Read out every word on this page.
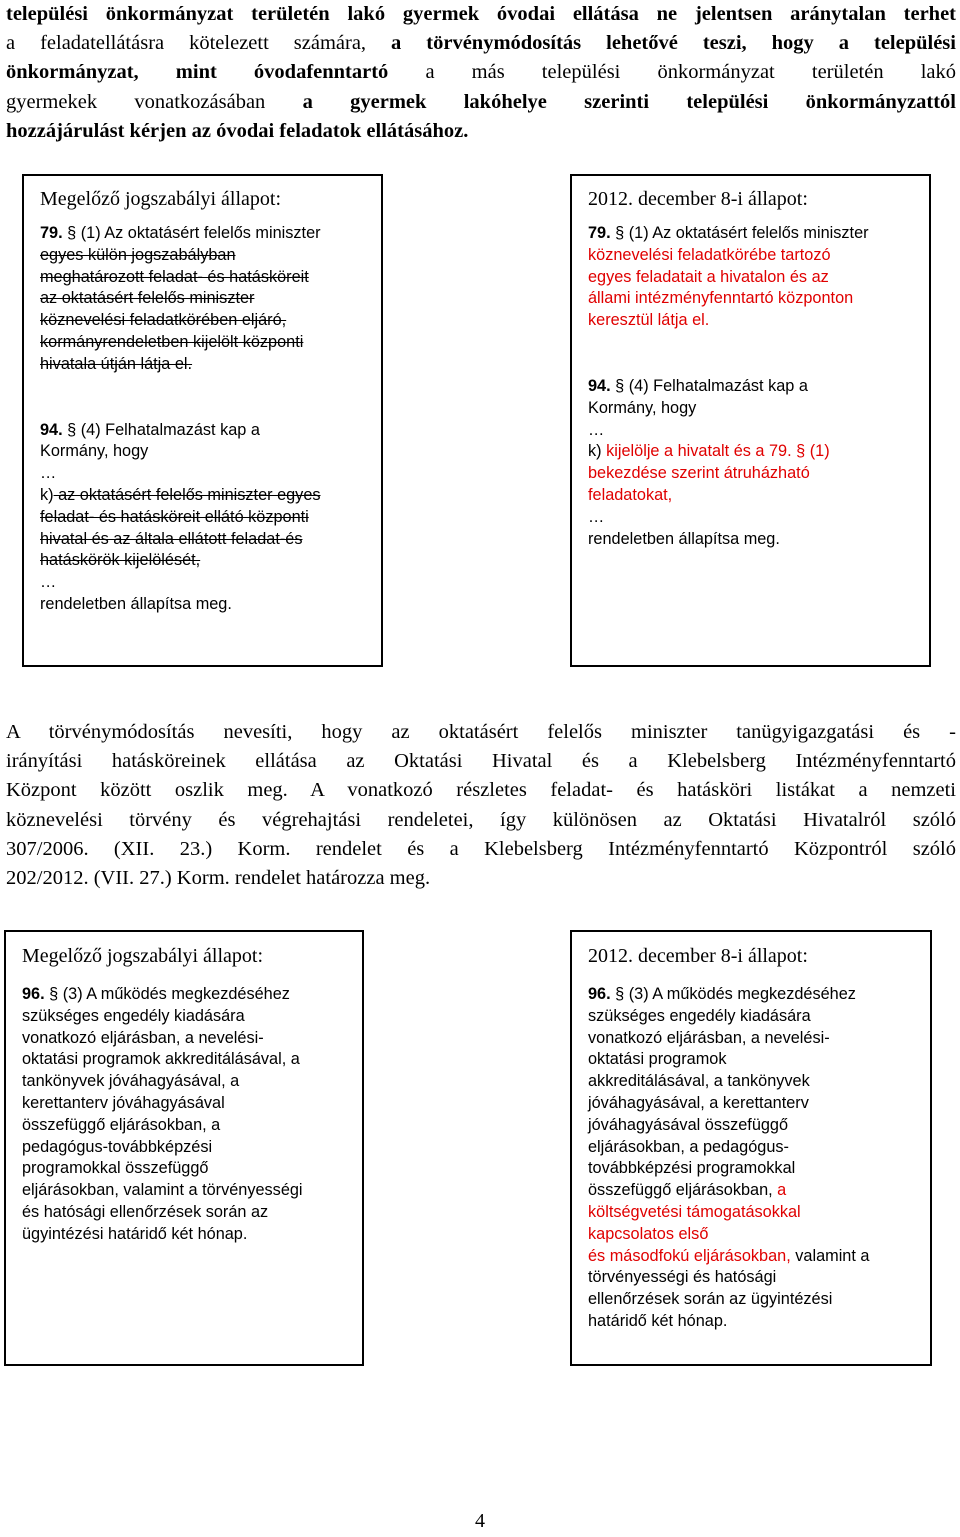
települési önkormányzat területén lakó gyermek óvodai ellátása ne jelentsen aránytalan terhet
a feladatellátásra kötelezett számára, a törvénymódosítás lehetővé teszi, hogy a települési
önkormányzat, mint óvodafenntartó a más települési önkormányzat területén lakó
gyermekek vonatkozásában a gyermek lakóhelye szerinti települési önkormányzattól
hozzájárulást kérjen az óvodai feladatok ellátásához.
Megelőző jogszabályi állapot:

79. § (1) Az oktatásért felelős miniszter

egyes külön jogszabályban

meghatározott feladat- és hatásköreit

az oktatásért felelős miniszter

köznevelési feladatkörében eljáró,

kormányrendeletben kijelölt központi

hivatala útján látja el.

94. § (4) Felhatalmazást kap a

Kormány, hogy

…

k) az oktatásért felelős miniszter egyes

feladat- és hatásköreit ellátó központi

hivatal és az általa ellátott feladat-és

hatáskörök kijelölését,

…

rendeletben állapítsa meg.

2012. december 8-i állapot:

79. § (1) Az oktatásért felelős miniszter

köznevelési feladatkörébe tartozó

egyes feladatait a hivatalon és az

állami intézményfenntartó központon

keresztül látja el.

94. § (4) Felhatalmazást kap a

Kormány, hogy

…

k) kijelölje a hivatalt és a 79. § (1)

bekezdése szerint átruházható

feladatokat,

…

rendeletben állapítsa meg.

A törvénymódosítás nevesíti, hogy az oktatásért felelős miniszter tanügyigazgatási és -
irányítási hatásköreinek ellátása az Oktatási Hivatal és a Klebelsberg Intézményfenntartó
Központ között oszlik meg. A vonatkozó részletes feladat- és hatásköri listákat a nemzeti
köznevelési törvény és végrehajtási rendeletei, így különösen az Oktatási Hivatalról szóló
307/2006. (XII. 23.) Korm. rendelet és a Klebelsberg Intézményfenntartó Központról szóló
202/2012. (VII. 27.) Korm. rendelet határozza meg.
Megelőző jogszabályi állapot:

96. § (3) A működés megkezdéséhez

szükséges engedély kiadására

vonatkozó eljárásban, a nevelési-

oktatási programok akkreditálásával, a

tankönyvek jóváhagyásával, a

kerettanterv jóváhagyásával

összefüggő eljárásokban, a

pedagógus-továbbképzési

programokkal összefüggő

eljárásokban, valamint a törvényességi

és hatósági ellenőrzések során az

ügyintézési határidő két hónap.

2012. december 8-i állapot:

96. § (3) A működés megkezdéséhez

szükséges engedély kiadására

vonatkozó eljárásban, a nevelési-

oktatási programok

akkreditálásával, a tankönyvek

jóváhagyásával, a kerettanterv

jóváhagyásával összefüggő

eljárásokban, a pedagógus-

továbbképzési programokkal

összefüggő eljárásokban, a

költségvetési támogatásokkal

kapcsolatos első

és másodfokú eljárásokban, valamint a

törvényességi és hatósági

ellenőrzések során az ügyintézési

határidő két hónap.

4
